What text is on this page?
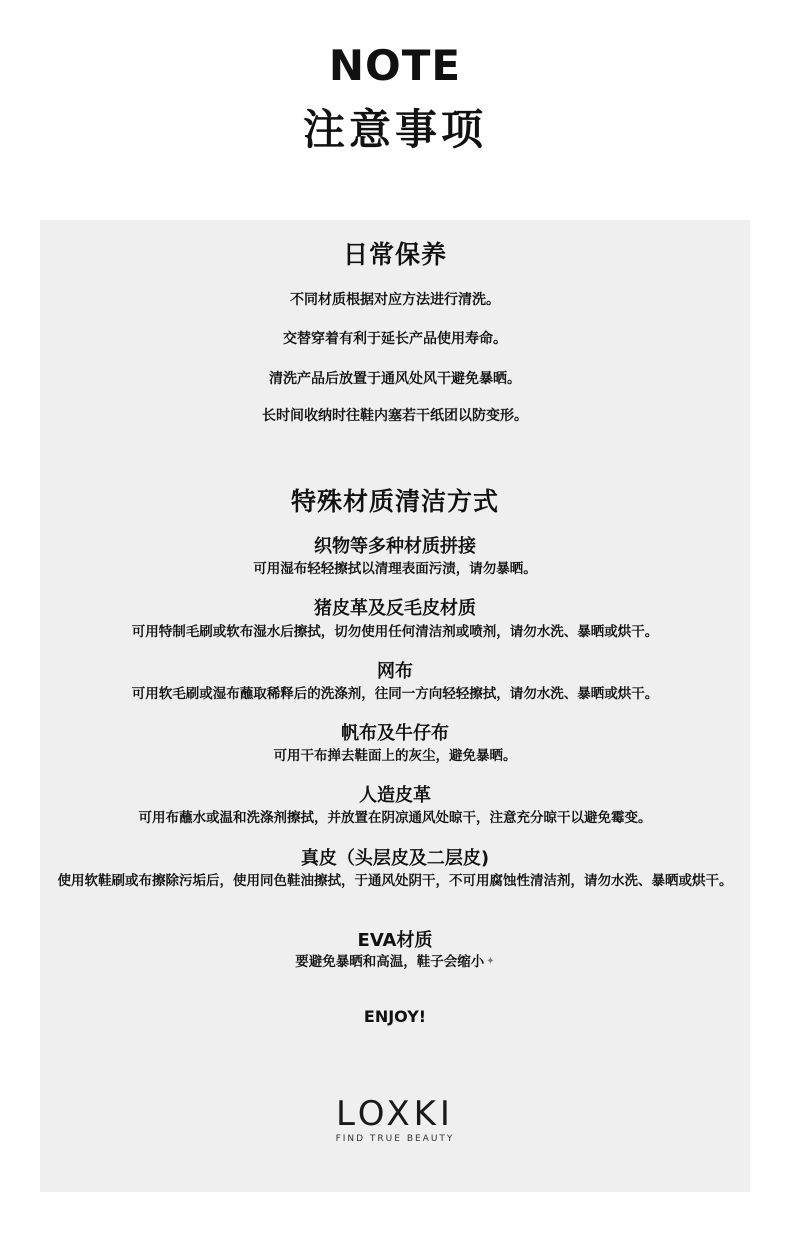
NOTE
注意事项
日常保养
不同材质根据对应方法进行清洗。
交替穿着有利于延长产品使用寿命。
清洗产品后放置于通风处风干避免暴晒。
长时间收纳时往鞋内塞若干纸团以防变形。
特殊材质清洁方式
织物等多种材质拼接
可用湿布轻轻擦拭以清理表面污渍，请勿暴晒。
猪皮革及反毛皮材质
可用特制毛刷或软布湿水后擦拭，切勿使用任何清洁剂或喷剂，请勿水洗、暴晒或烘干。
网布
可用软毛刷或湿布蘸取稀释后的洗涤剂，往同一方向轻轻擦拭，请勿水洗、暴晒或烘干。
帆布及牛仔布
可用干布掸去鞋面上的灰尘，避免暴晒。
人造皮革
可用布蘸水或温和洗涤剂擦拭，并放置在阴凉通风处晾干，注意充分晾干以避免霉变。
真皮（头层皮及二层皮)
使用软鞋刷或布擦除污垢后，使用同色鞋油擦拭，于通风处阴干，不可用腐蚀性清洁剂，请勿水洗、暴晒或烘干。
EVA材质
要避免暴晒和高温，鞋子会缩小 ✦
ENJOY!
LOXKI
FIND TRUE BEAUTY
